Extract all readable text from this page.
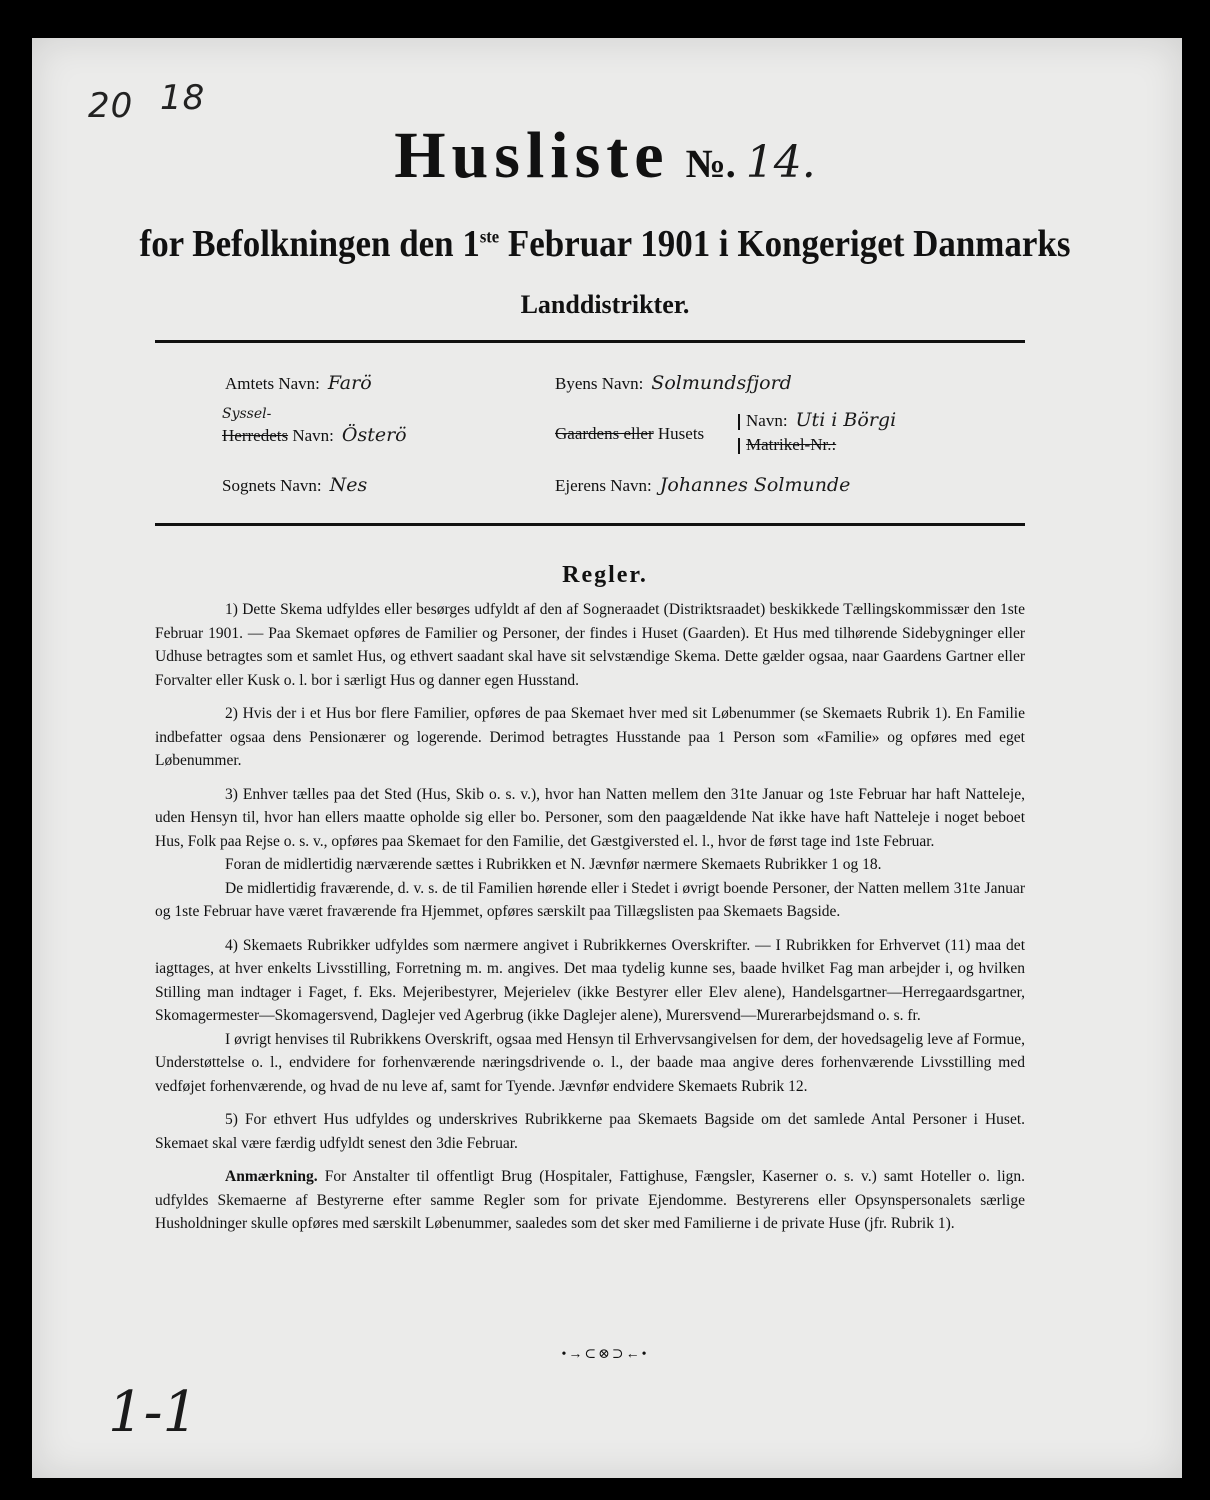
20 18
Husliste №. 14.
for Befolkningen den 1ste Februar 1901 i Kongeriget Danmarks
Landdistrikter.
Amtets Navn: Farö
Syssel-
Herredets Navn: Österö
Sognets Navn: Nes
Byens Navn: Solmundsfjord
Gaardens eller Husets
Navn: Uti i Börgi
Matrikel-Nr.:
Ejerens Navn: Johannes Solmunde
Regler.

1) Dette Skema udfyldes eller besørges udfyldt af den af Sogneraadet (Distriktsraadet) beskikkede Tællingskommissær den 1ste Februar 1901. — Paa Skemaet opføres de Familier og Personer, der findes i Huset (Gaarden). Et Hus med tilhørende Sidebygninger eller Udhuse betragtes som et samlet Hus, og ethvert saadant skal have sit selvstændige Skema. Dette gælder ogsaa, naar Gaardens Gartner eller Forvalter eller Kusk o. l. bor i særligt Hus og danner egen Husstand.

2) Hvis der i et Hus bor flere Familier, opføres de paa Skemaet hver med sit Løbenummer (se Skemaets Rubrik 1). En Familie indbefatter ogsaa dens Pensionærer og logerende. Derimod betragtes Husstande paa 1 Person som «Familie» og opføres med eget Løbenummer.

3) Enhver tælles paa det Sted (Hus, Skib o. s. v.), hvor han Natten mellem den 31te Januar og 1ste Februar har haft Natteleje, uden Hensyn til, hvor han ellers maatte opholde sig eller bo. Personer, som den paagældende Nat ikke have haft Natteleje i noget beboet Hus, Folk paa Rejse o. s. v., opføres paa Skemaet for den Familie, det Gæstgiversted el. l., hvor de først tage ind 1ste Februar.

Foran de midlertidig nærværende sættes i Rubrikken et N. Jævnfør nærmere Skemaets Rubrikker 1 og 18.

De midlertidig fraværende, d. v. s. de til Familien hørende eller i Stedet i øvrigt boende Personer, der Natten mellem 31te Januar og 1ste Februar have været fraværende fra Hjemmet, opføres særskilt paa Tillægslisten paa Skemaets Bagside.

4) Skemaets Rubrikker udfyldes som nærmere angivet i Rubrikkernes Overskrifter. — I Rubrikken for Erhvervet (11) maa det iagttages, at hver enkelts Livsstilling, Forretning m. m. angives. Det maa tydelig kunne ses, baade hvilket Fag man arbejder i, og hvilken Stilling man indtager i Faget, f. Eks. Mejeribestyrer, Mejerielev (ikke Bestyrer eller Elev alene), Handelsgartner—Herregaardsgartner, Skomagermester—Skomagersvend, Daglejer ved Agerbrug (ikke Daglejer alene), Murersvend—Murerarbejdsmand o. s. fr.

I øvrigt henvises til Rubrikkens Overskrift, ogsaa med Hensyn til Erhvervsangivelsen for dem, der hovedsagelig leve af Formue, Understøttelse o. l., endvidere for forhenværende næringsdrivende o. l., der baade maa angive deres forhenværende Livsstilling med vedføjet forhenværende, og hvad de nu leve af, samt for Tyende. Jævnfør endvidere Skemaets Rubrik 12.

5) For ethvert Hus udfyldes og underskrives Rubrikkerne paa Skemaets Bagside om det samlede Antal Personer i Huset. Skemaet skal være færdig udfyldt senest den 3die Februar.

Anmærkning. For Anstalter til offentligt Brug (Hospitaler, Fattighuse, Fængsler, Kaserner o. s. v.) samt Hoteller o. lign. udfyldes Skemaerne af Bestyrerne efter samme Regler som for private Ejendomme. Bestyrerens eller Opsynspersonalets særlige Husholdninger skulle opføres med særskilt Løbenummer, saaledes som det sker med Familierne i de private Huse (jfr. Rubrik 1).

•→⊂⊗⊃←•
1-1
